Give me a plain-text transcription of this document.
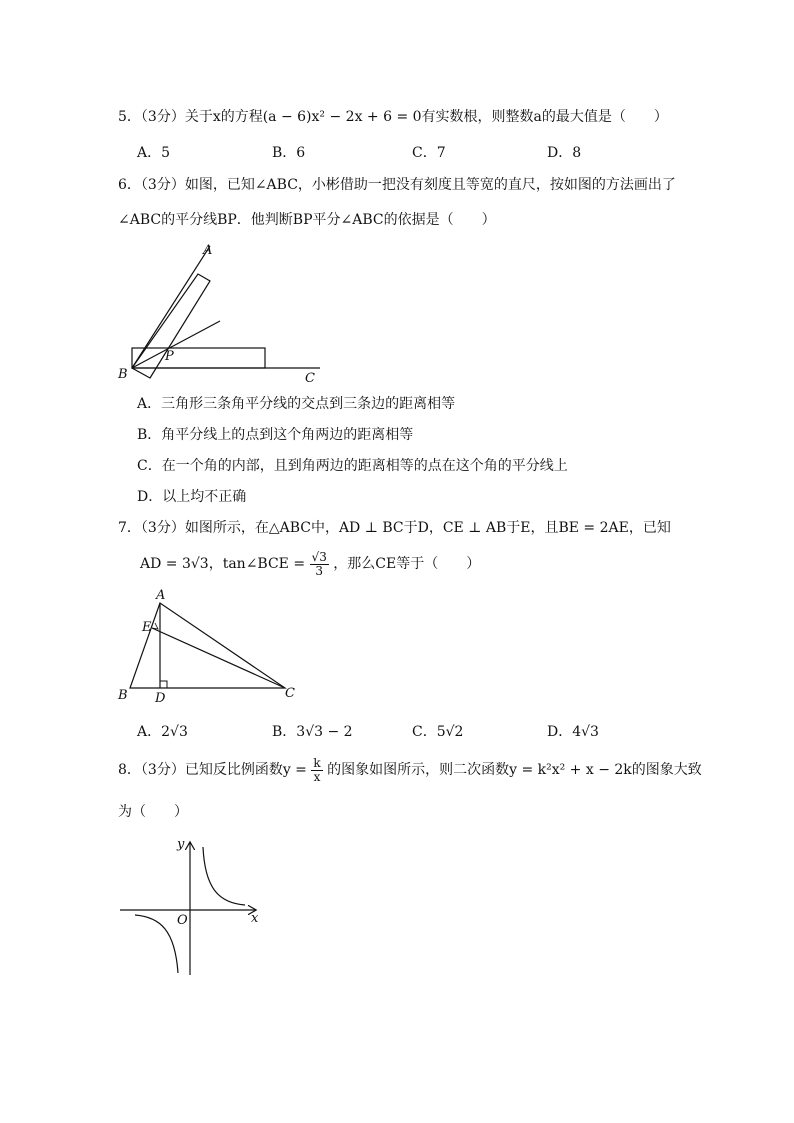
5．（3分）关于x的方程(a − 6)x² − 2x + 6 = 0有实数根，则整数a的最大值是（　　）
A．5	B．6	C．7	D．8
6．（3分）如图，已知∠ABC，小彬借助一把没有刻度且等宽的直尺，按如图的方法画出了
∠ABC的平分线BP．他判断BP平分∠ABC的依据是（　　）
A
B	C
P
A．三角形三条角平分线的交点到三条边的距离相等
B．角平分线上的点到这个角两边的距离相等
C．在一个角的内部，且到角两边的距离相等的点在这个角的平分线上
D．以上均不正确
7．（3分）如图所示，在△ABC中，AD ⊥ BC于D，CE ⊥ AB于E，且BE = 2AE，已知
AD = 3√3，tan∠BCE = $\frac{√3}{3}$ ，那么CE等于（　　）
A
B	C
D
E
A．2√3	B．3√3 − 2	C．5√2	D．4√3
8．（3分）已知反比例函数$y = \frac{k}{x}$ 的图象如图所示，则二次函数y = k²x² + x − 2k的图象大致
为（　　）
y
x
O
